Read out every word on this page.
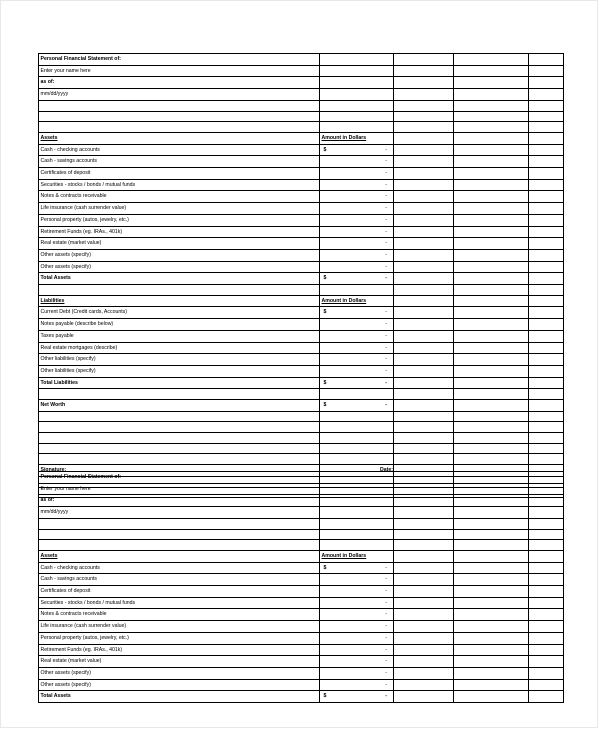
Personal Financial Statement of:				
Enter your name here				
as of:				
mm/dd/yyyy				

Assets	Amount in Dollars			
Cash - checking accounts	$ -			

Cash - savings accounts	-			

Certificates of deposit	-			

Securities - stocks / bonds / mutual funds	-			

Notes & contracts receivable	-			

Life insurance (cash surrender value)	-			

Personal property (autos, jewelry, etc.)	-			

Retirement Funds (eg. IRAs., 401k)	-			

Real estate (market value)	-			

Other assets (specify)	-			

Other assets (specify)	-			

Total Assets	$ -			

Liabilities	Amount in Dollars			
Current Debt (Credit cards, Accounts)	$ -			

Notes payable (describe below)	-			

Taxes payable	-			

Real estate mortgages (describe)	-			

Other liabilities (specify)	-			

Other liabilities (specify)	-			

Total Liabilities	$ -			

Net Worth	$ -			

Signature:	Date:			

Personal Financial Statement of:				
Enter your name here				
as of:				
mm/dd/yyyy				

Assets	Amount in Dollars			
Cash - checking accounts	$ -			

Cash - savings accounts	-			

Certificates of deposit	-			

Securities - stocks / bonds / mutual funds	-			

Notes & contracts receivable	-			

Life insurance (cash surrender value)	-			

Personal property (autos, jewelry, etc.)	-			

Retirement Funds (eg. IRAs., 401k)	-			

Real estate (market value)	-			

Other assets (specify)	-			

Other assets (specify)	-			

Total Assets	$ -			
